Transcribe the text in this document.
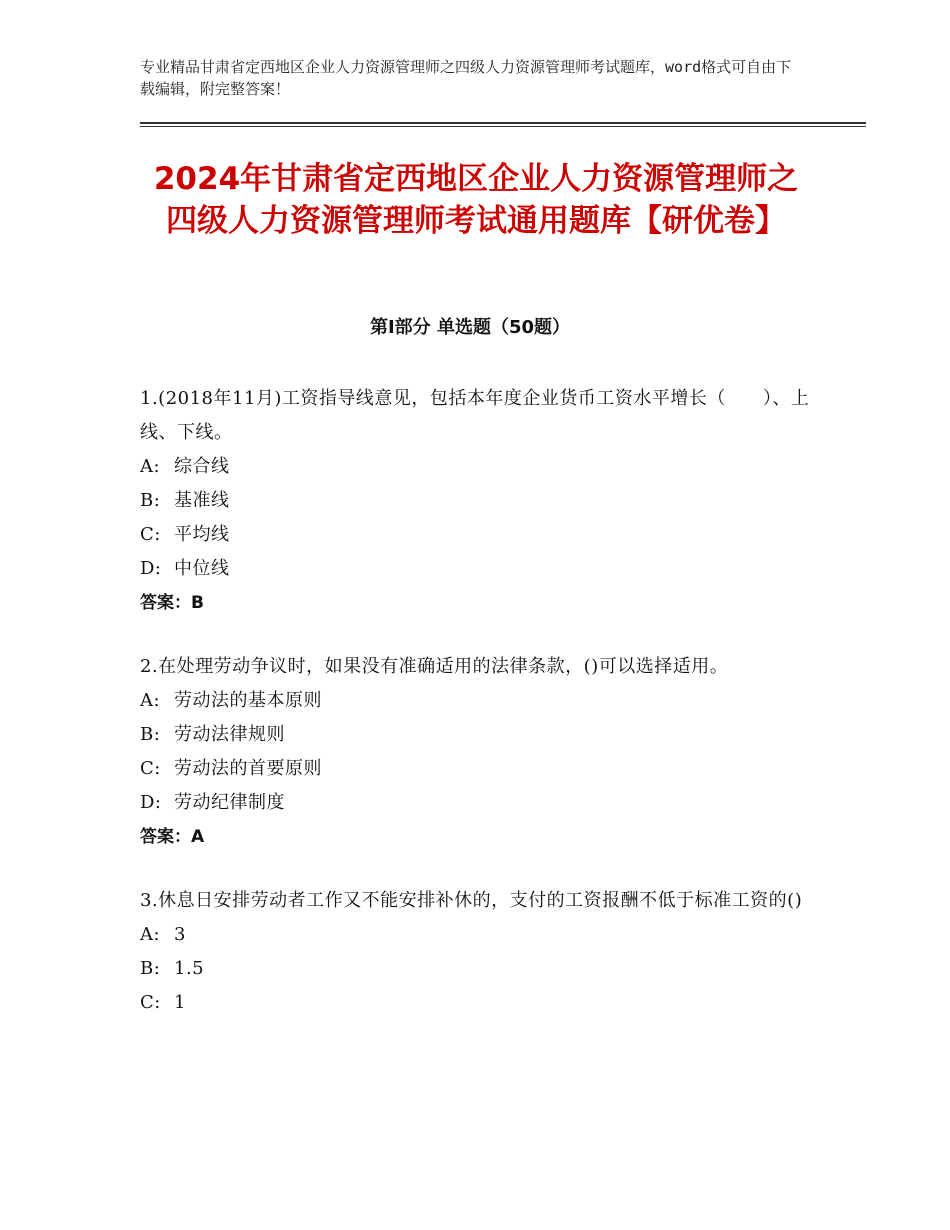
专业精品甘肃省定西地区企业人力资源管理师之四级人力资源管理师考试题库，word格式可自由下载编辑，附完整答案！
2024年甘肃省定西地区企业人力资源管理师之四级人力资源管理师考试通用题库【研优卷】
第Ⅰ部分 单选题（50题）
1.(2018年11月)工资指导线意见，包括本年度企业货币工资水平增长（　　）、上线、下线。
A: 综合线
B: 基准线
C: 平均线
D: 中位线
答案：B
2.在处理劳动争议时，如果没有准确适用的法律条款，()可以选择适用。
A: 劳动法的基本原则
B: 劳动法律规则
C: 劳动法的首要原则
D: 劳动纪律制度
答案：A
3.休息日安排劳动者工作又不能安排补休的，支付的工资报酬不低于标准工资的()
A: 3
B: 1.5
C: 1
